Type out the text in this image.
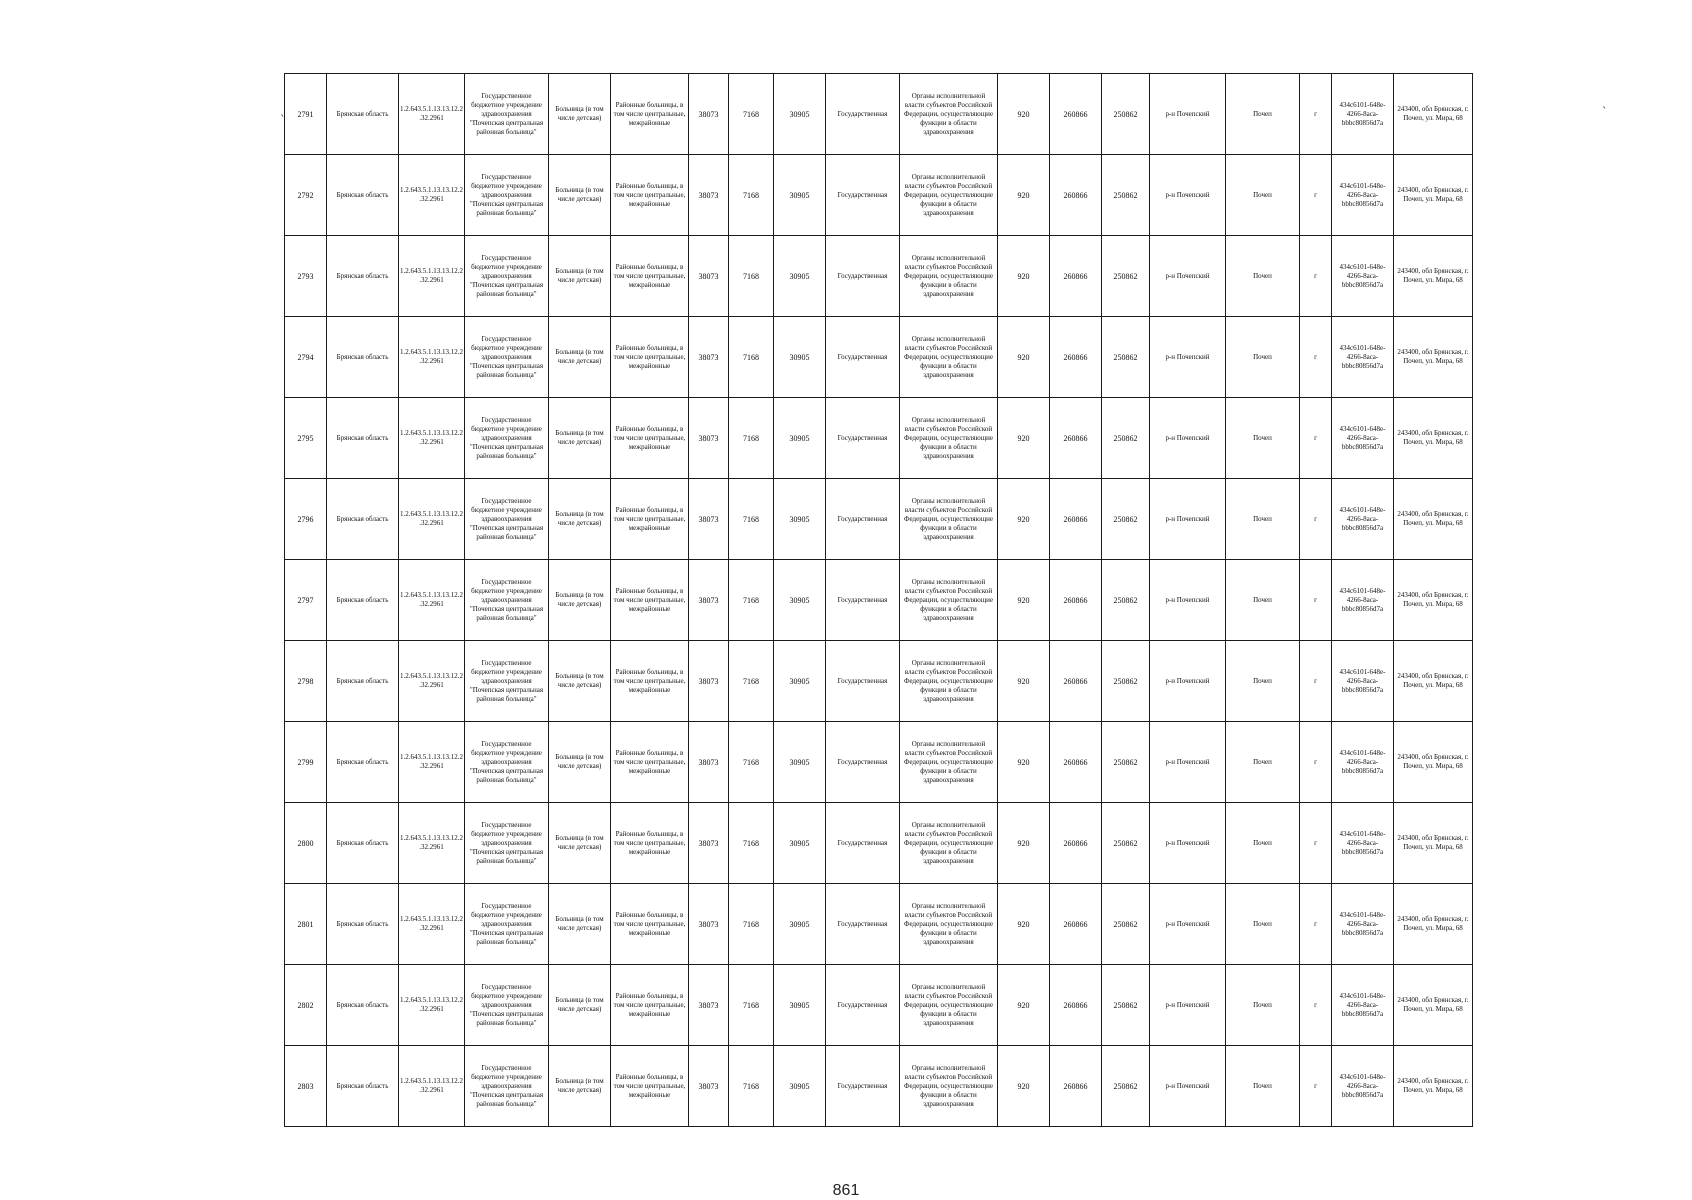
2791	Брянская область	1.2.643.5.1.13.13.12.2.32.2961	Государственное бюджетное учреждение здравоохранения "Почепская центральная районная больница"	Больница (в том числе детская)	Районные больницы, в том числе центральные, межрайонные	38073	7168	30905	Государственная	Органы исполнительной власти субъектов Российской Федерации, осуществляющие функции в области здравоохранения	920	260866	250862	р-н Почепский	Почеп	г	434c6101-648e-4266-8aca-bbbc80856d7a	243400, обл Брянская, г. Почеп, ул. Мира, 68
2792	Брянская область	1.2.643.5.1.13.13.12.2.32.2961	Государственное бюджетное учреждение здравоохранения "Почепская центральная районная больница"	Больница (в том числе детская)	Районные больницы, в том числе центральные, межрайонные	38073	7168	30905	Государственная	Органы исполнительной власти субъектов Российской Федерации, осуществляющие функции в области здравоохранения	920	260866	250862	р-н Почепский	Почеп	г	434c6101-648e-4266-8aca-bbbc80856d7a	243400, обл Брянская, г. Почеп, ул. Мира, 68
2793	Брянская область	1.2.643.5.1.13.13.12.2.32.2961	Государственное бюджетное учреждение здравоохранения "Почепская центральная районная больница"	Больница (в том числе детская)	Районные больницы, в том числе центральные, межрайонные	38073	7168	30905	Государственная	Органы исполнительной власти субъектов Российской Федерации, осуществляющие функции в области здравоохранения	920	260866	250862	р-н Почепский	Почеп	г	434c6101-648e-4266-8aca-bbbc80856d7a	243400, обл Брянская, г. Почеп, ул. Мира, 68
2794	Брянская область	1.2.643.5.1.13.13.12.2.32.2961	Государственное бюджетное учреждение здравоохранения "Почепская центральная районная больница"	Больница (в том числе детская)	Районные больницы, в том числе центральные, межрайонные	38073	7168	30905	Государственная	Органы исполнительной власти субъектов Российской Федерации, осуществляющие функции в области здравоохранения	920	260866	250862	р-н Почепский	Почеп	г	434c6101-648e-4266-8aca-bbbc80856d7a	243400, обл Брянская, г. Почеп, ул. Мира, 68
2795	Брянская область	1.2.643.5.1.13.13.12.2.32.2961	Государственное бюджетное учреждение здравоохранения "Почепская центральная районная больница"	Больница (в том числе детская)	Районные больницы, в том числе центральные, межрайонные	38073	7168	30905	Государственная	Органы исполнительной власти субъектов Российской Федерации, осуществляющие функции в области здравоохранения	920	260866	250862	р-н Почепский	Почеп	г	434c6101-648e-4266-8aca-bbbc80856d7a	243400, обл Брянская, г. Почеп, ул. Мира, 68
2796	Брянская область	1.2.643.5.1.13.13.12.2.32.2961	Государственное бюджетное учреждение здравоохранения "Почепская центральная районная больница"	Больница (в том числе детская)	Районные больницы, в том числе центральные, межрайонные	38073	7168	30905	Государственная	Органы исполнительной власти субъектов Российской Федерации, осуществляющие функции в области здравоохранения	920	260866	250862	р-н Почепский	Почеп	г	434c6101-648e-4266-8aca-bbbc80856d7a	243400, обл Брянская, г. Почеп, ул. Мира, 68
2797	Брянская область	1.2.643.5.1.13.13.12.2.32.2961	Государственное бюджетное учреждение здравоохранения "Почепская центральная районная больница"	Больница (в том числе детская)	Районные больницы, в том числе центральные, межрайонные	38073	7168	30905	Государственная	Органы исполнительной власти субъектов Российской Федерации, осуществляющие функции в области здравоохранения	920	260866	250862	р-н Почепский	Почеп	г	434c6101-648e-4266-8aca-bbbc80856d7a	243400, обл Брянская, г. Почеп, ул. Мира, 68
2798	Брянская область	1.2.643.5.1.13.13.12.2.32.2961	Государственное бюджетное учреждение здравоохранения "Почепская центральная районная больница"	Больница (в том числе детская)	Районные больницы, в том числе центральные, межрайонные	38073	7168	30905	Государственная	Органы исполнительной власти субъектов Российской Федерации, осуществляющие функции в области здравоохранения	920	260866	250862	р-н Почепский	Почеп	г	434c6101-648e-4266-8aca-bbbc80856d7a	243400, обл Брянская, г. Почеп, ул. Мира, 68
2799	Брянская область	1.2.643.5.1.13.13.12.2.32.2961	Государственное бюджетное учреждение здравоохранения "Почепская центральная районная больница"	Больница (в том числе детская)	Районные больницы, в том числе центральные, межрайонные	38073	7168	30905	Государственная	Органы исполнительной власти субъектов Российской Федерации, осуществляющие функции в области здравоохранения	920	260866	250862	р-н Почепский	Почеп	г	434c6101-648e-4266-8aca-bbbc80856d7a	243400, обл Брянская, г. Почеп, ул. Мира, 68
2800	Брянская область	1.2.643.5.1.13.13.12.2.32.2961	Государственное бюджетное учреждение здравоохранения "Почепская центральная районная больница"	Больница (в том числе детская)	Районные больницы, в том числе центральные, межрайонные	38073	7168	30905	Государственная	Органы исполнительной власти субъектов Российской Федерации, осуществляющие функции в области здравоохранения	920	260866	250862	р-н Почепский	Почеп	г	434c6101-648e-4266-8aca-bbbc80856d7a	243400, обл Брянская, г. Почеп, ул. Мира, 68
2801	Брянская область	1.2.643.5.1.13.13.12.2.32.2961	Государственное бюджетное учреждение здравоохранения "Почепская центральная районная больница"	Больница (в том числе детская)	Районные больницы, в том числе центральные, межрайонные	38073	7168	30905	Государственная	Органы исполнительной власти субъектов Российской Федерации, осуществляющие функции в области здравоохранения	920	260866	250862	р-н Почепский	Почеп	г	434c6101-648e-4266-8aca-bbbc80856d7a	243400, обл Брянская, г. Почеп, ул. Мира, 68
2802	Брянская область	1.2.643.5.1.13.13.12.2.32.2961	Государственное бюджетное учреждение здравоохранения "Почепская центральная районная больница"	Больница (в том числе детская)	Районные больницы, в том числе центральные, межрайонные	38073	7168	30905	Государственная	Органы исполнительной власти субъектов Российской Федерации, осуществляющие функции в области здравоохранения	920	260866	250862	р-н Почепский	Почеп	г	434c6101-648e-4266-8aca-bbbc80856d7a	243400, обл Брянская, г. Почеп, ул. Мира, 68
2803	Брянская область	1.2.643.5.1.13.13.12.2.32.2961	Государственное бюджетное учреждение здравоохранения "Почепская центральная районная больница"	Больница (в том числе детская)	Районные больницы, в том числе центральные, межрайонные	38073	7168	30905	Государственная	Органы исполнительной власти субъектов Российской Федерации, осуществляющие функции в области здравоохранения	920	260866	250862	р-н Почепский	Почеп	г	434c6101-648e-4266-8aca-bbbc80856d7a	243400, обл Брянская, г. Почеп, ул. Мира, 68
861
`
`
